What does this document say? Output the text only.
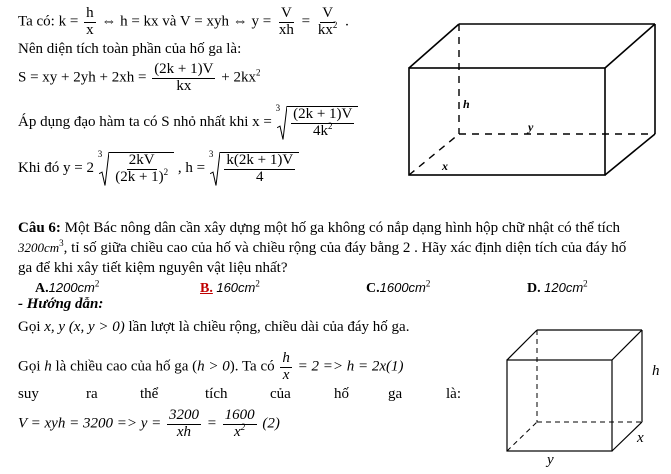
Ta có: $k = \frac{h}{x}$ ⇔ h = kx và V = xyh ⇔ $y = \frac{V}{xh} = \frac{V}{kx^2}$ .
Nên diện tích toàn phần của hố ga là:
S = xy + $2yh + 2xh = \frac{(2k + 1)V}{kx} + 2kx^2$
Áp dụng đạo hàm ta có S nhỏ nhất khi x =
$3 \frac{(2k + 1)V}{4k^2}$
Khi đó y = 2
$3 \frac{2kV}{(2k + 1)^2}$ , h =
$3 \frac{k(2k + 1)V}{4}$
h
y
x
Câu 6: Một Bác nông dân cần xây dựng một hố ga không có nắp dạng hình hộp chữ nhật có thể tích
$3200cm^3$, tỉ số giữa chiều cao của hố và chiều rộng của đáy bằng 2 . Hãy xác định diện tích của đáy hố
ga để khi xây tiết kiệm nguyên vật liệu nhất?
$A.1200cm^2$	B. $160cm^2$	$C.1600cm^2$	D. $120cm^2$
- Hướng dẫn:
Gọi x, y (x, y > 0) lần lượt là chiều rộng, chiều dài của đáy hố ga.
Gọi h là chiều cao của hố ga (h > 0). Ta có $\frac{h}{x} = 2 => h = 2x(1)$
suy	ra	thể	tích	của	hố	ga	là:
V = xyh = $3200 => y = \frac{3200}{xh} = \frac{1600}{x^2} (2)$
h
x
y
